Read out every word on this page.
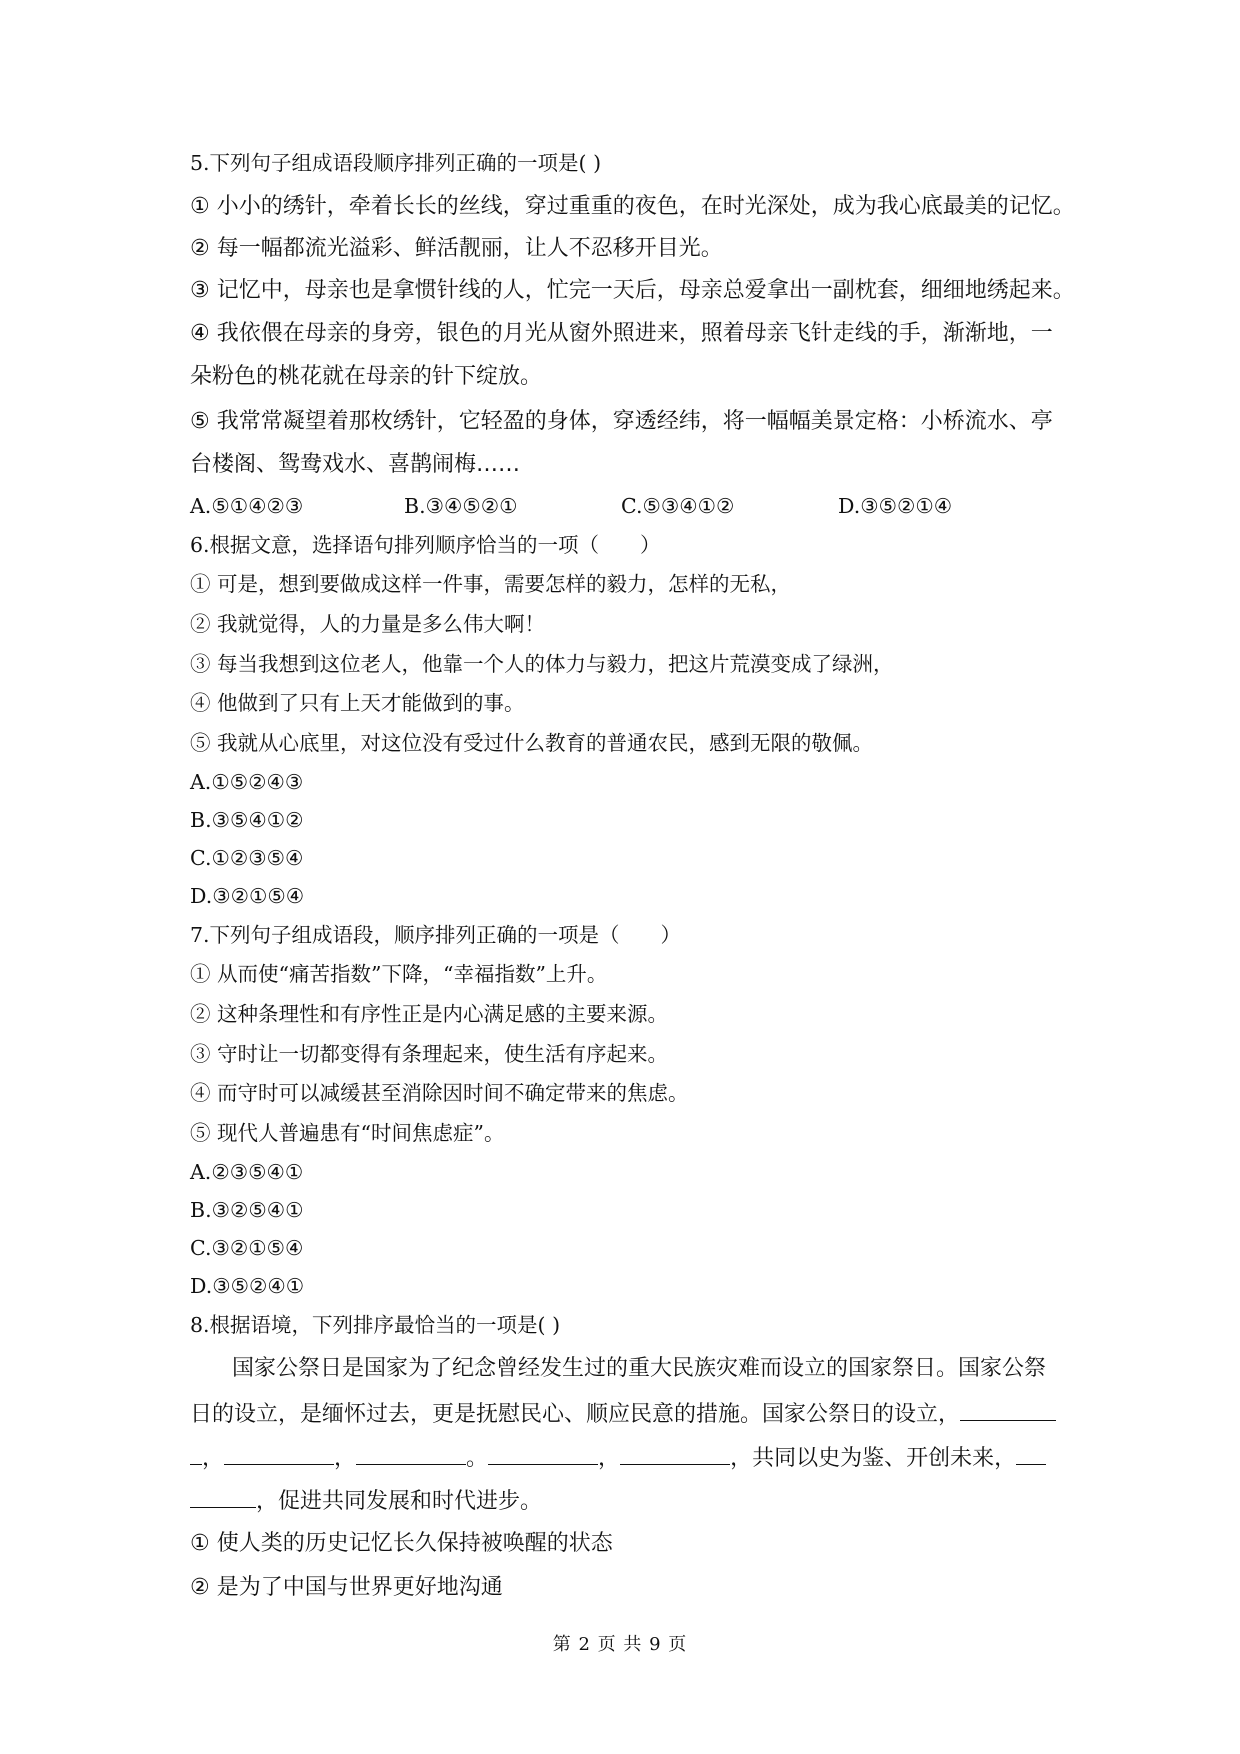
5.下列句子组成语段顺序排列正确的一项是( )
① 小小的绣针，牵着长长的丝线，穿过重重的夜色，在时光深处，成为我心底最美的记忆。
② 每一幅都流光溢彩、鲜活靓丽，让人不忍移开目光。
③ 记忆中，母亲也是拿惯针线的人，忙完一天后，母亲总爱拿出一副枕套，细细地绣起来。
④ 我依偎在母亲的身旁，银色的月光从窗外照进来，照着母亲飞针走线的手，渐渐地，一
朵粉色的桃花就在母亲的针下绽放。
⑤ 我常常凝望着那枚绣针，它轻盈的身体，穿透经纬，将一幅幅美景定格：小桥流水、亭
台楼阁、鸳鸯戏水、喜鹊闹梅……
A.⑤①④②③	B.③④⑤②①	C.⑤③④①②	D.③⑤②①④
6.根据文意，选择语句排列顺序恰当的一项（　　）
① 可是，想到要做成这样一件事，需要怎样的毅力，怎样的无私，
② 我就觉得，人的力量是多么伟大啊！
③ 每当我想到这位老人，他靠一个人的体力与毅力，把这片荒漠变成了绿洲，
④ 他做到了只有上天才能做到的事。
⑤ 我就从心底里，对这位没有受过什么教育的普通农民，感到无限的敬佩。
A.①⑤②④③
B.③⑤④①②
C.①②③⑤④
D.③②①⑤④
7.下列句子组成语段，顺序排列正确的一项是（　　）
① 从而使“痛苦指数”下降，“幸福指数”上升。
② 这种条理性和有序性正是内心满足感的主要来源。
③ 守时让一切都变得有条理起来，使生活有序起来。
④ 而守时可以减缓甚至消除因时间不确定带来的焦虑。
⑤ 现代人普遍患有“时间焦虑症”。
A.②③⑤④①
B.③②⑤④①
C.③②①⑤④
D.③⑤②④①
8.根据语境，下列排序最恰当的一项是( )
国家公祭日是国家为了纪念曾经发生过的重大民族灾难而设立的国家祭日。国家公祭
日的设立，是缅怀过去，更是抚慰民心、顺应民意的措施。国家公祭日的设立，
，	，	。	，	，共同以史为鉴、开创未来，
，促进共同发展和时代进步。
① 使人类的历史记忆长久保持被唤醒的状态
② 是为了中国与世界更好地沟通
第 2 页 共 9 页
